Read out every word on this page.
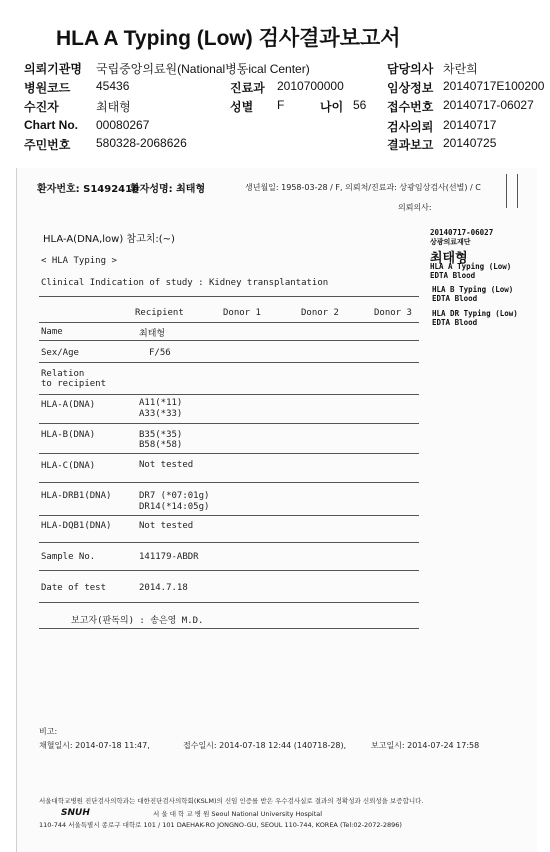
HLA A Typing (Low) 검사결과보고서
의뢰기관명 국립중앙의료원(National병동ical Center)
병원코드 45436
수진자	최태형
Chart No. 00080267
주민번호 580328-2068626
진료과 2010700000
성별 F	나이 56
담당의사 차란희
임상정보 20140717E100200
접수번호 20140717-06027
검사의뢰 20140717
결과보고 20140725
환자번호: S1492416
환자성명: 최태형	생년월일: 1958-03-28 / F, 의뢰처/진료과: 상광임상검사(선별) / C
의뢰의사:
HLA-A(DNA,low) 참고치:(~)
< HLA Typing >
Clinical Indication of study : Kidney transplantation
Recipient	Donor 1	Donor 2	Donor 3
Name	최태형
Sex/Age	F/56
Relation
to recipient
HLA-A(DNA)	A11(*11)
A33(*33)
HLA-B(DNA)	B35(*35)
B58(*58)
HLA-C(DNA)	Not tested
HLA-DRB1(DNA)	DR7 (*07:01g)
DR14(*14:05g)
HLA-DQB1(DNA)	Not tested
Sample No.	141179-ABDR
Date of test	2014.7.18
보고자(판독의) : 송은영 M.D.
비고:
채혈일시: 2014-07-18 11:47,	접수일시: 2014-07-18 12:44 (140718-28),	보고일시: 2014-07-24 17:58
서울대학교병원 진단검사의학과는 대한진단검사의학회(KSLM)의 신임 인증를 받은 우수검사실로 결과의 정확성과 신뢰성을 보증합니다.
SNUH	서 울 대 학 교 병 원 Seoul National University Hospital
110-744 서울특별시 종로구 대학로 101 / 101 DAEHAK-RO JONGNO-GU, SEOUL 110-744, KOREA (Tel:02-2072-2896)
20140717-06027
상광의료재단
최태형
HLA A Typing (Low)
EDTA Blood
HLA B Typing (Low)
EDTA Blood
HLA DR Typing (Low)
EDTA Blood
